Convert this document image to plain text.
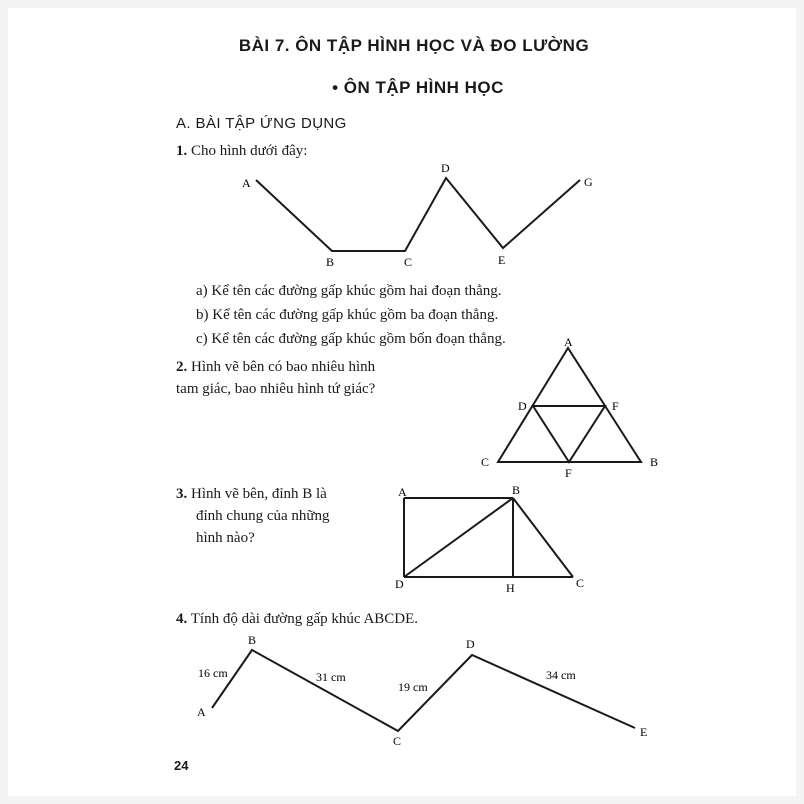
BÀI 7. ÔN TẬP HÌNH HỌC VÀ ĐO LƯỜNG
• ÔN TẬP HÌNH HỌC
A. BÀI TẬP ỨNG DỤNG
1. Cho hình dưới đây:
A
B	C
D
E
G
A
D	F
C	B
F
A	B
D	H	C
A
B
C
D
E
16 cm	31 cm
19 cm
34 cm
a) Kể tên các đường gấp khúc gồm hai đoạn thẳng.
b) Kể tên các đường gấp khúc gồm ba đoạn thẳng.
c) Kể tên các đường gấp khúc gồm bốn đoạn thẳng.
2. Hình vẽ bên có bao nhiêu hình
tam giác, bao nhiêu hình tứ giác?
3. Hình vẽ bên, đỉnh B là
đỉnh chung của những
hình nào?
4. Tính độ dài đường gấp khúc ABCDE.
24
